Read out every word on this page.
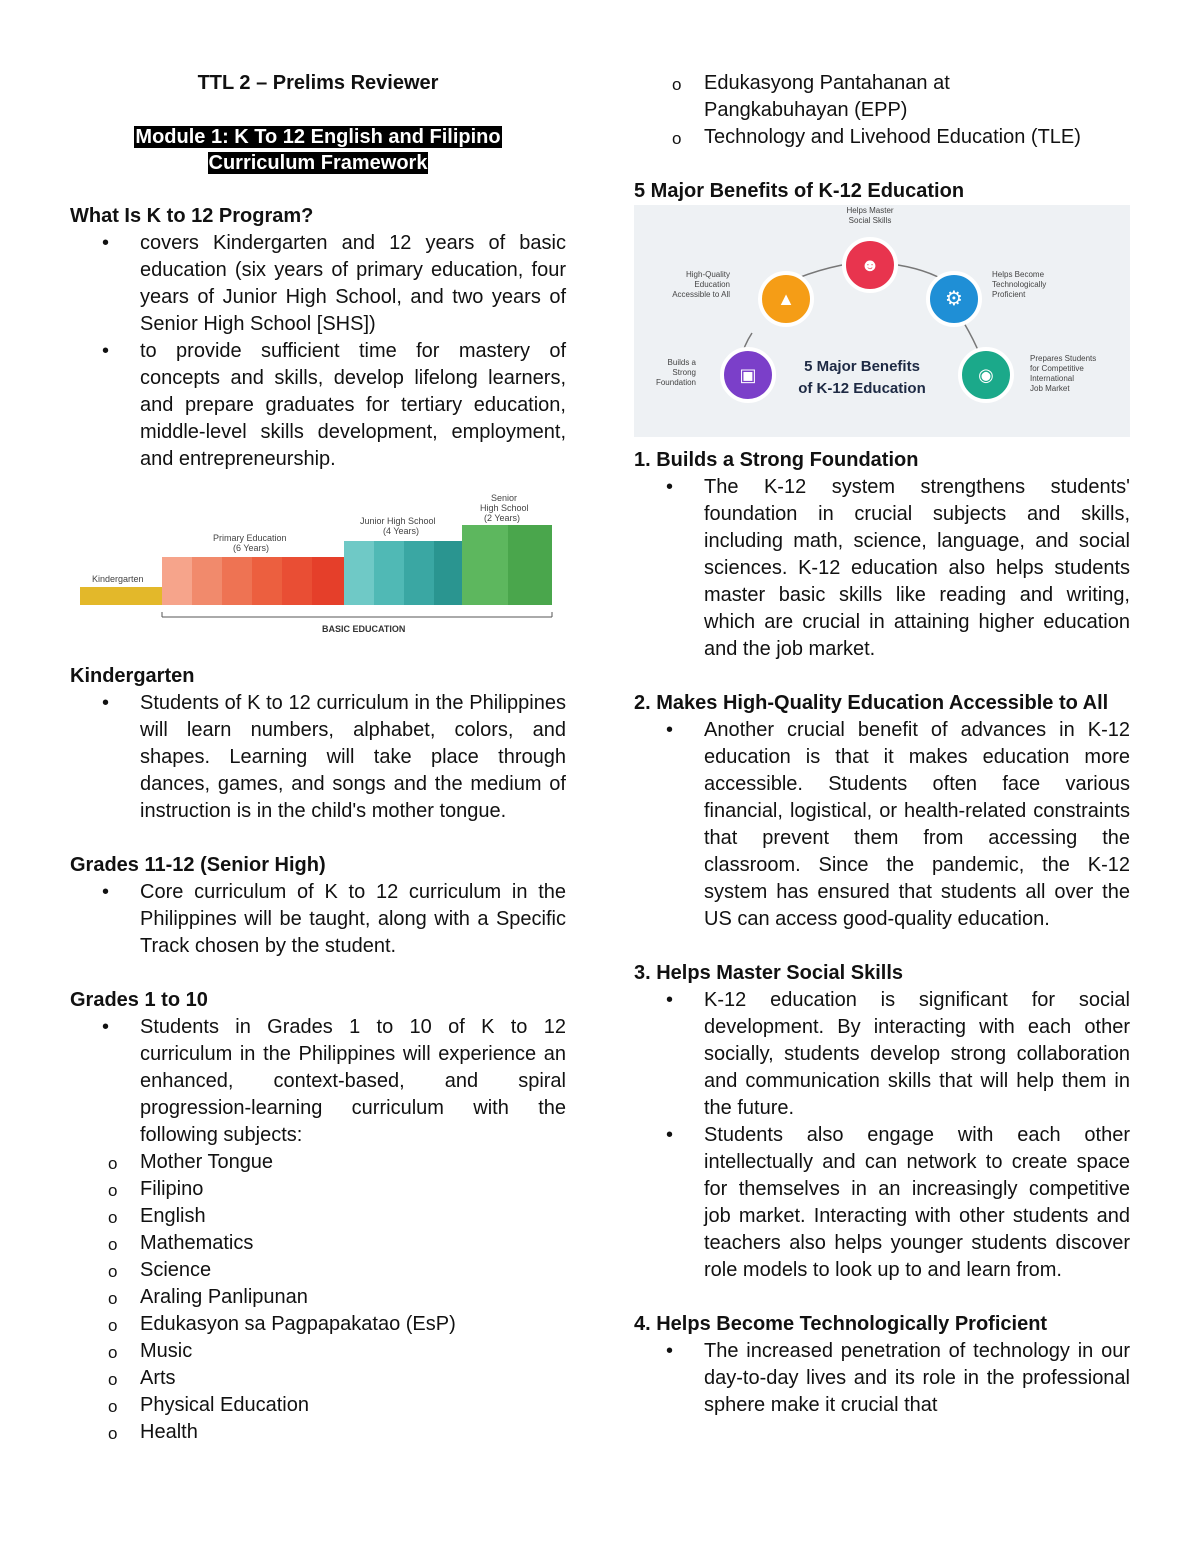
TTL 2 – Prelims Reviewer

Module 1: K To 12 English and Filipino
Curriculum Framework
What Is K to 12 Program?
• covers Kindergarten and 12 years of basic education (six years of primary education, four years of Junior High School, and two years of Senior High School [SHS])
• to provide sufficient time for mastery of concepts and skills, develop lifelong learners, and prepare graduates for tertiary education, middle-level skills development, employment, and entrepreneurship.
Kindergarten
Primary Education
(6 Years)
Junior High School
(4 Years)
Senior
High School
(2 Years)
BASIC EDUCATION
Kindergarten
• Students of K to 12 curriculum in the Philippines will learn numbers, alphabet, colors, and shapes. Learning will take place through dances, games, and songs and the medium of instruction is in the child's mother tongue.
Grades 11-12 (Senior High)
• Core curriculum of K to 12 curriculum in the Philippines will be taught, along with a Specific Track chosen by the student.
Grades 1 to 10
• Students in Grades 1 to 10 of K to 12 curriculum in the Philippines will experience an enhanced, context-based, and spiral progression-learning curriculum with the following subjects:
o Mother Tongue
o Filipino
o English
o Mathematics
o Science
o Araling Panlipunan
o Edukasyon sa Pagpapakatao (EsP)
o Music
o Arts
o Physical Education
o Health
o Edukasyong Pantahanan at Pangkabuhayan (EPP)
o Technology and Livehood Education (TLE)
5 Major Benefits of K-12 Education
☻
▲	⚙
▣	◉
5 Major Benefits
of K-12 Education
Helps Master
Social Skills
High-Quality
Education
Accessible to All
Helps Become
Technologically
Proficient
Builds a
Strong
Foundation
Prepares Students
for Competitive
International
Job Market
1. Builds a Strong Foundation
• The K-12 system strengthens students' foundation in crucial subjects and skills, including math, science, language, and social sciences. K-12 education also helps students master basic skills like reading and writing, which are crucial in attaining higher education and the job market.
2. Makes High-Quality Education Accessible to All
• Another crucial benefit of advances in K-12 education is that it makes education more accessible. Students often face various financial, logistical, or health-related constraints that prevent them from accessing the classroom. Since the pandemic, the K-12 system has ensured that students all over the US can access good-quality education.
3. Helps Master Social Skills
• K-12 education is significant for social development. By interacting with each other socially, students develop strong collaboration and communication skills that will help them in the future.
• Students also engage with each other intellectually and can network to create space for themselves in an increasingly competitive job market. Interacting with other students and teachers also helps younger students discover role models to look up to and learn from.
4. Helps Become Technologically Proficient
• The increased penetration of technology in our day-to-day lives and its role in the professional sphere make it crucial that
